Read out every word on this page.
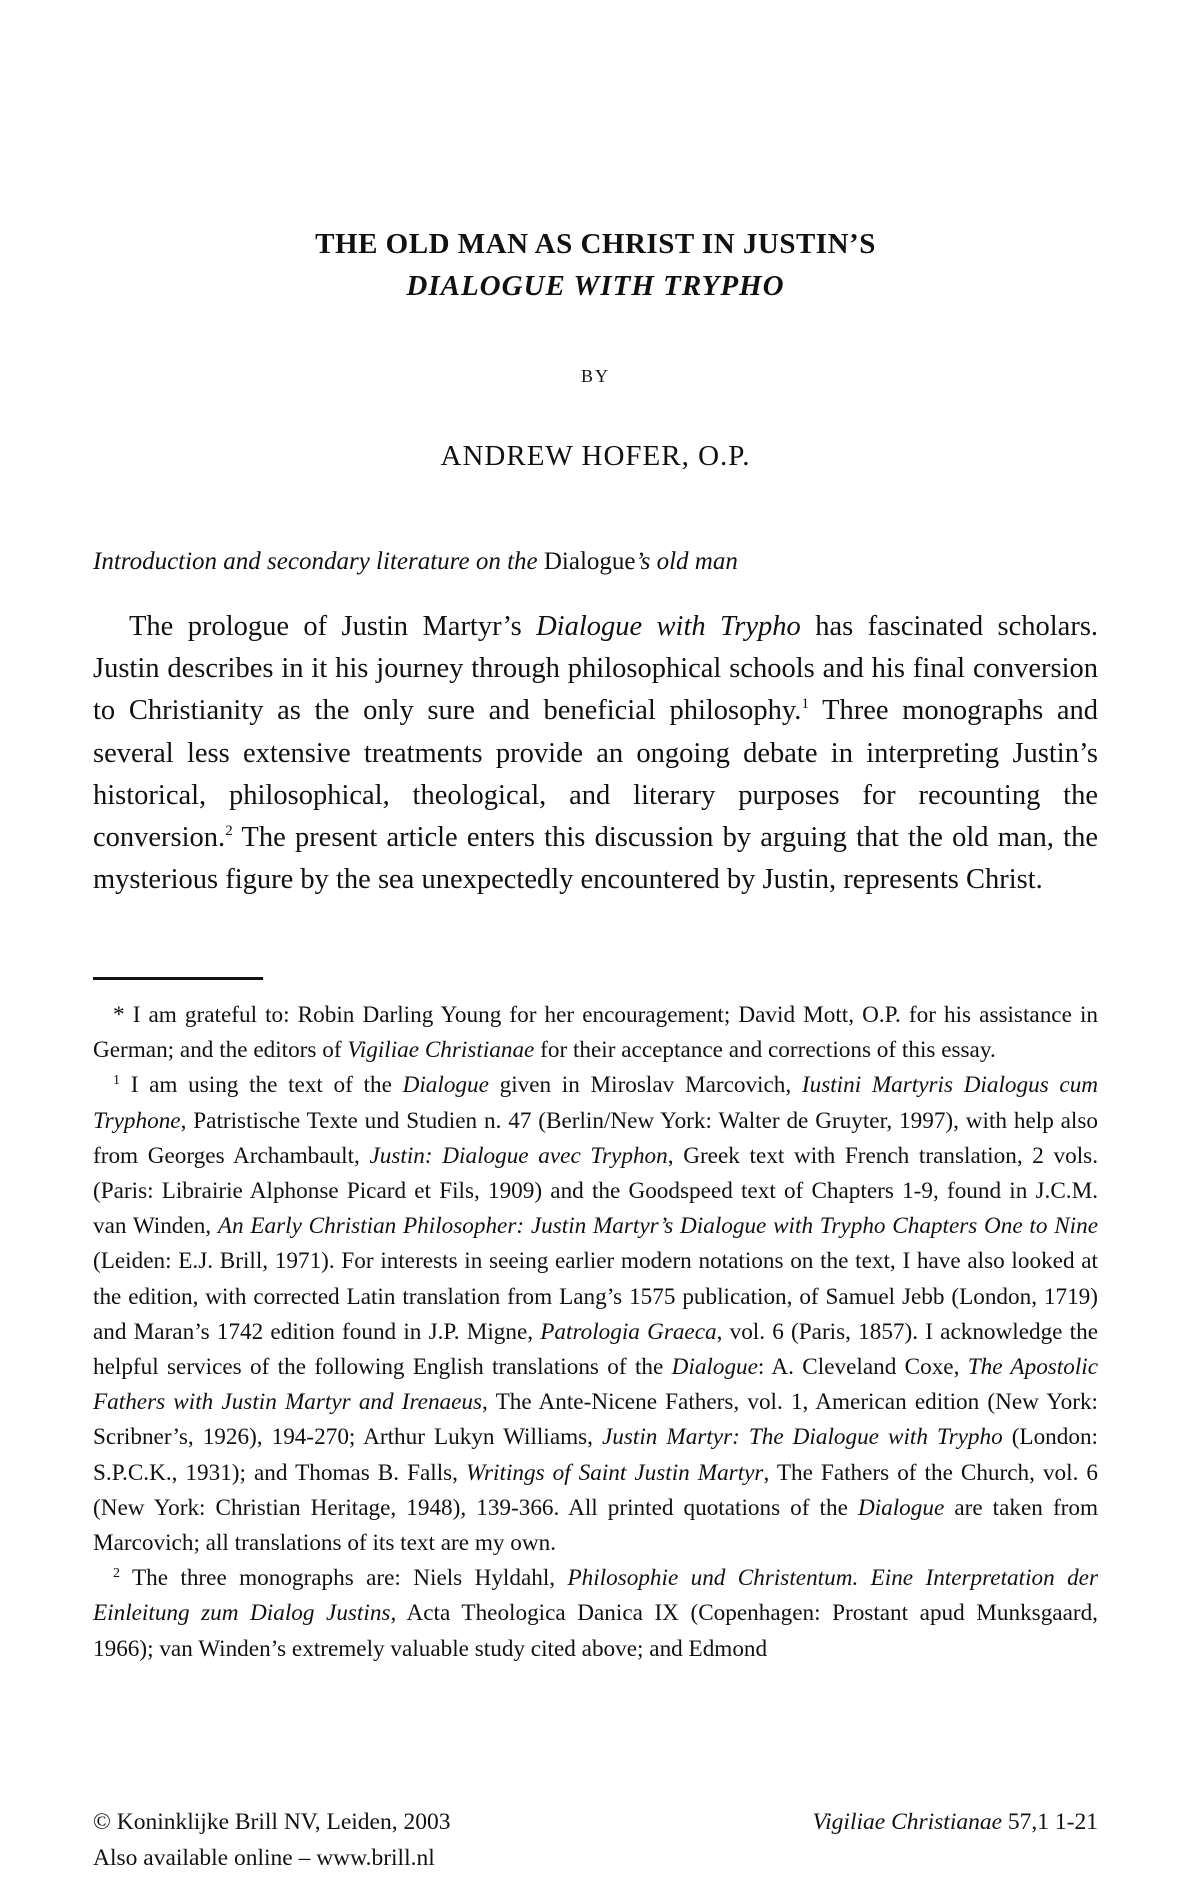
THE OLD MAN AS CHRIST IN JUSTIN’S
DIALOGUE WITH TRYPHO
BY
ANDREW HOFER, O.P.
Introduction and secondary literature on the Dialogue’s old man

The prologue of Justin Martyr’s Dialogue with Trypho has fascinated scholars. Justin describes in it his journey through philosophical schools and his final conversion to Christianity as the only sure and beneficial philosophy.$^1$ Three monographs and several less extensive treatments provide an ongoing debate in interpreting Justin’s historical, philosophical, theological, and literary purposes for recounting the conversion.$^2$ The present article enters this discussion by arguing that the old man, the mysterious figure by the sea unexpectedly encountered by Justin, represents Christ.

* I am grateful to: Robin Darling Young for her encouragement; David Mott, O.P. for his assistance in German; and the editors of Vigiliae Christianae for their acceptance and corrections of this essay.

$^1$ I am using the text of the Dialogue given in Miroslav Marcovich, Iustini Martyris Dialogus cum Tryphone, Patristische Texte und Studien n. 47 (Berlin/New York: Walter de Gruyter, 1997), with help also from Georges Archambault, Justin: Dialogue avec Tryphon, Greek text with French translation, 2 vols. (Paris: Librairie Alphonse Picard et Fils, 1909) and the Goodspeed text of Chapters 1-9, found in J.C.M. van Winden, An Early Christian Philosopher: Justin Martyr’s Dialogue with Trypho Chapters One to Nine (Leiden: E.J. Brill, 1971). For interests in seeing earlier modern notations on the text, I have also looked at the edition, with corrected Latin translation from Lang’s 1575 publication, of Samuel Jebb (London, 1719) and Maran’s 1742 edition found in J.P. Migne, Patrologia Graeca, vol. 6 (Paris, 1857). I acknowledge the helpful services of the following English translations of the Dialogue: A. Cleveland Coxe, The Apostolic Fathers with Justin Martyr and Irenaeus, The Ante-Nicene Fathers, vol. 1, American edition (New York: Scribner’s, 1926), 194-270; Arthur Lukyn Williams, Justin Martyr: The Dialogue with Trypho (London: S.P.C.K., 1931); and Thomas B. Falls, Writings of Saint Justin Martyr, The Fathers of the Church, vol. 6 (New York: Christian Heritage, 1948), 139-366. All printed quotations of the Dialogue are taken from Marcovich; all translations of its text are my own.

$^2$ The three monographs are: Niels Hyldahl, Philosophie und Christentum. Eine Interpretation der Einleitung zum Dialog Justins, Acta Theologica Danica IX (Copenhagen: Prostant apud Munksgaard, 1966); van Winden’s extremely valuable study cited above; and Edmond

© Koninklijke Brill NV, Leiden, 2003
Also available online – www.brill.nl
Vigiliae Christianae 57,1 1-21
